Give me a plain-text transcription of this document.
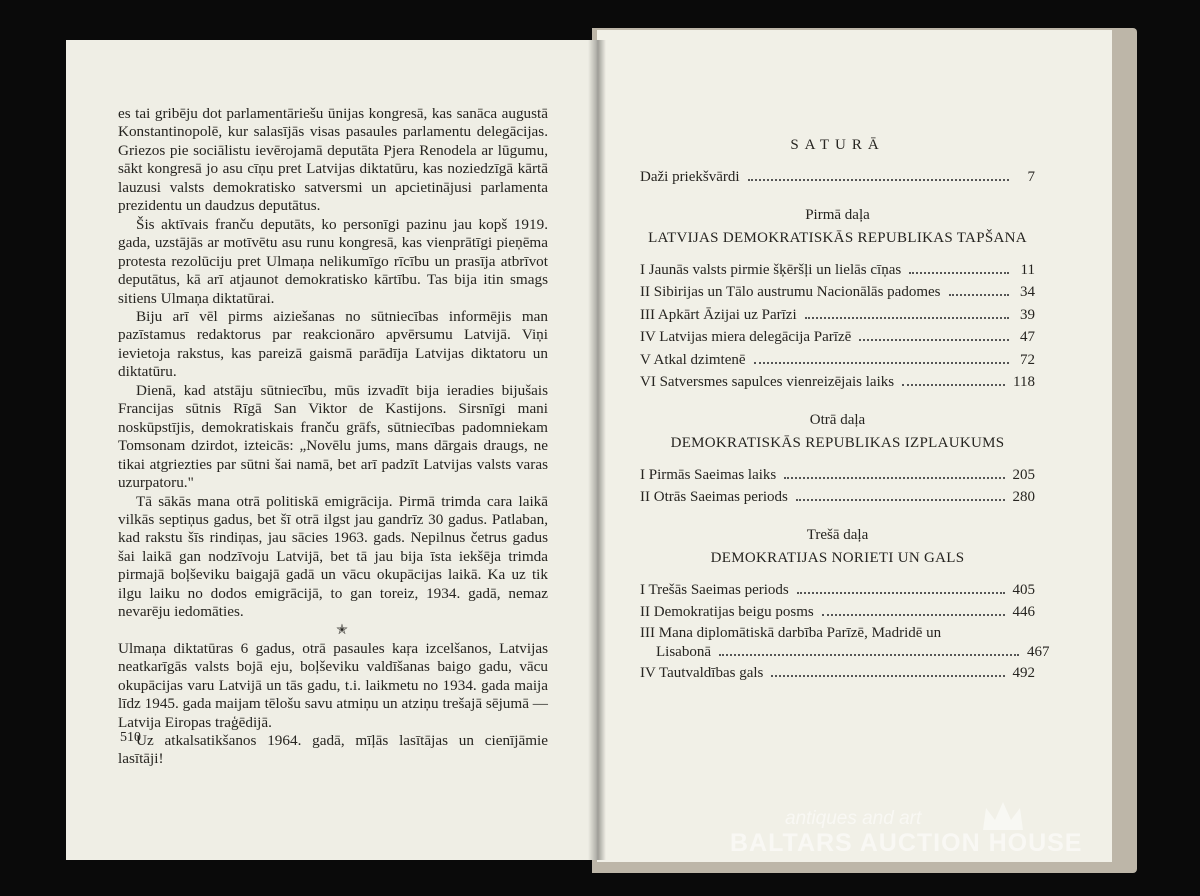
es tai gribēju dot parlamentāriešu ūnijas kongresā, kas sanāca augustā Konstantinopolē, kur salasījās visas pasaules parlamentu delegācijas. Griezos pie sociālistu ievērojamā deputāta Pjera Renodela ar lūgumu, sākt kongresā jo asu cīņu pret Latvijas diktatūru, kas noziedzīgā kārtā lauzusi valsts demokratisko satversmi un apcietinājusi parlamenta prezidentu un daudzus deputātus.

Šis aktīvais franču deputāts, ko personīgi pazinu jau kopš 1919. gada, uzstājās ar motīvētu asu runu kongresā, kas vienprātīgi pieņēma protesta rezolūciju pret Ulmaņa nelikumīgo rīcību un prasīja atbrīvot deputātus, kā arī atjaunot demokratisko kārtību. Tas bija itin smags sitiens Ulmaņa diktatūrai.

Biju arī vēl pirms aiziešanas no sūtniecības informējis man pazīstamus redaktorus par reakcionāro apvērsumu Latvijā. Viņi ievietoja rakstus, kas pareizā gaismā parādīja Latvijas diktatoru un diktatūru.

Dienā, kad atstāju sūtniecību, mūs izvadīt bija ieradies bijušais Francijas sūtnis Rīgā San Viktor de Kastijons. Sirsnīgi mani noskūpstījis, demokratiskais franču grāfs, sūtniecības padomniekam Tomsonam dzirdot, izteicās: „Novēlu jums, mans dārgais draugs, ne tikai atgriezties par sūtni šai namā, bet arī padzīt Latvijas valsts varas uzurpatoru."

Tā sākās mana otrā politiskā emigrācija. Pirmā trimda cara laikā vilkās septiņus gadus, bet šī otrā ilgst jau gandrīz 30 gadus. Patlaban, kad rakstu šīs rindiņas, jau sācies 1963. gads. Nepilnus četrus gadus šai laikā gan nodzīvoju Latvijā, bet tā jau bija īsta iekšēja trimda pirmajā boļševiku baigajā gadā un vācu okupācijas laikā. Ka uz tik ilgu laiku no dodos emigrācijā, to gan toreiz, 1934. gadā, nemaz nevarēju iedomāties.

✭

Ulmaņa diktatūras 6 gadus, otrā pasaules kaŗa izcelšanos, Latvijas neatkarīgās valsts bojā eju, boļševiku valdīšanas baigo gadu, vācu okupācijas varu Latvijā un tās gadu, t.i. laikmetu no 1934. gada maija līdz 1945. gada maijam tēlošu savu atmiņu un atziņu trešajā sējumā — Latvija Eiropas traģēdijā.

Uz atkalsatikšanos 1964. gadā, mīļās lasītājas un cienījāmie lasītāji!

510
SATURĀ
Daži priekšvārdi	7
Pirmā daļa
LATVIJAS DEMOKRATISKĀS REPUBLIKAS TAPŠANA
I Jaunās valsts pirmie šķēršļi un lielās cīņas	11
II Sibirijas un Tālo austrumu Nacionālās padomes	34
III Apkārt Āzijai uz Parīzi	39
IV Latvijas miera delegācija Parīzē	47
V Atkal dzimtenē	72
VI Satversmes sapulces vienreizējais laiks	118
Otrā daļa
DEMOKRATISKĀS REPUBLIKAS IZPLAUKUMS
I Pirmās Saeimas laiks	205
II Otrās Saeimas periods	280
Trešā daļa
DEMOKRATIJAS NORIETI UN GALS
I Trešās Saeimas periods	405
II Demokratijas beigu posms	446
III Mana diplomātiskā darbība Parīzē, Madridē un
Lisabonā	467
IV Tautvaldības gals	492
antiques and art
BALTARS AUCTION HOUSE
